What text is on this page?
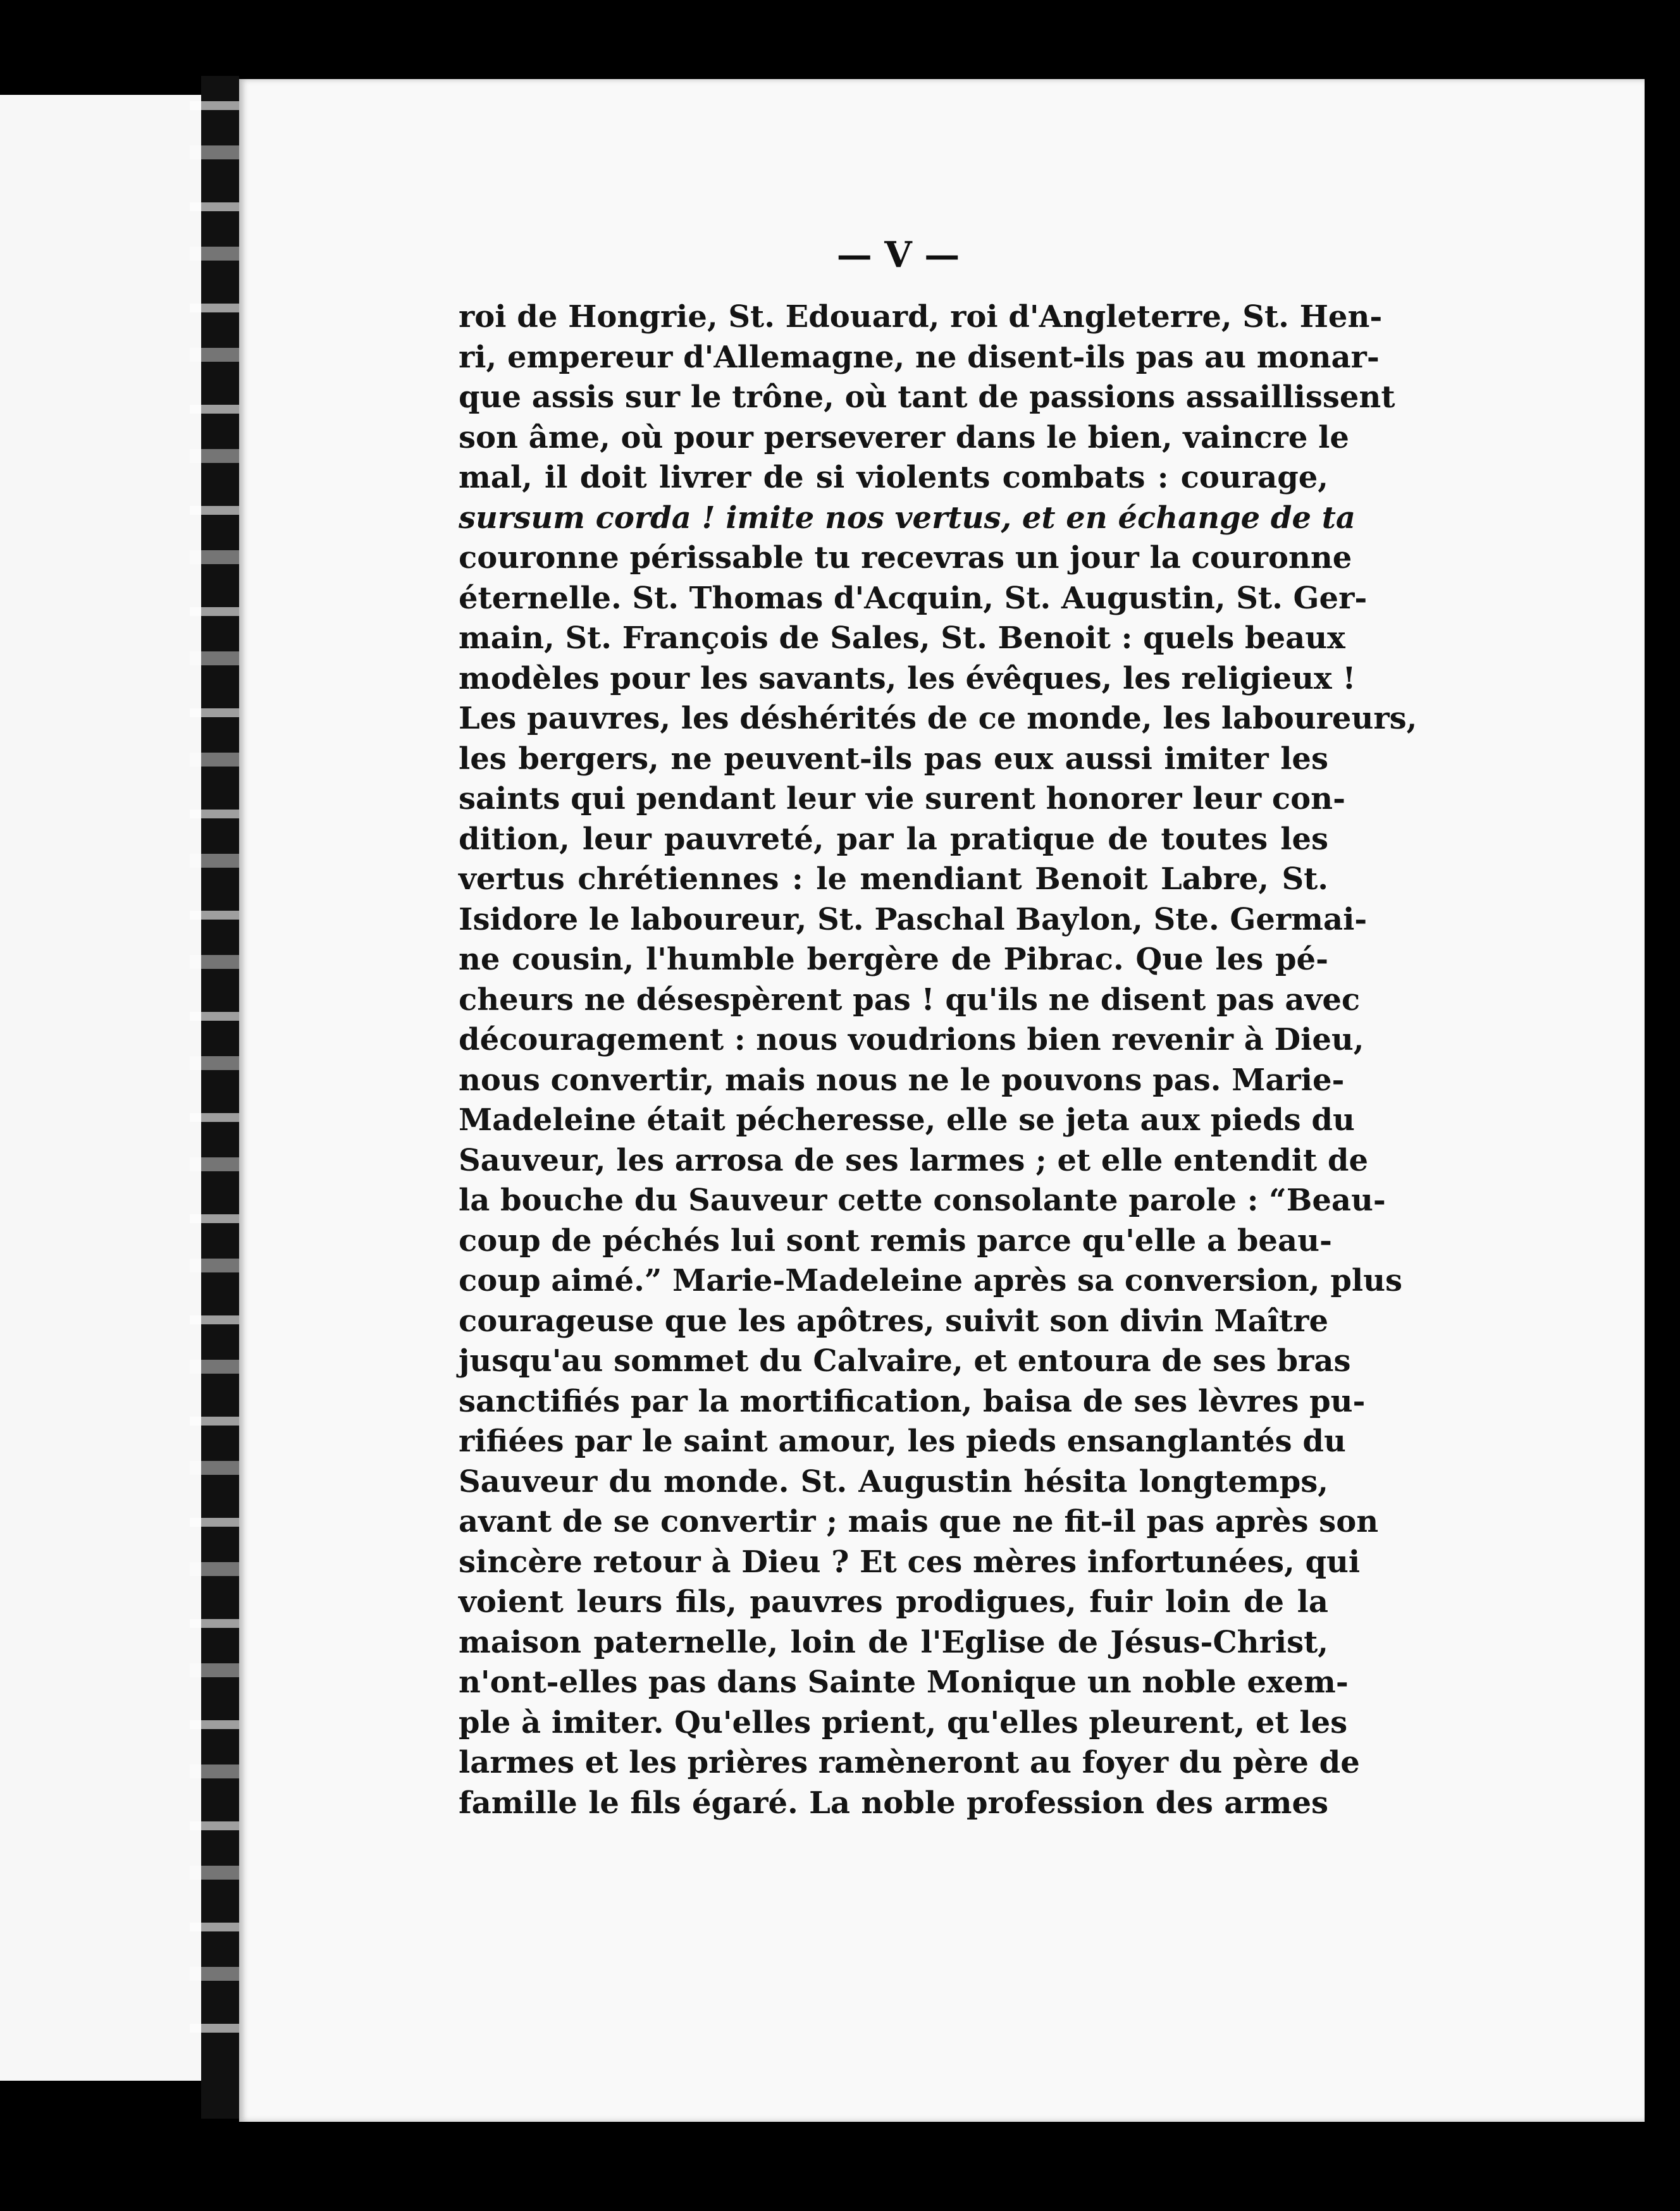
— V —
roi de Hongrie, St. Edouard, roi d'Angleterre, St. Hen-
ri, empereur d'Allemagne, ne disent-ils pas au monar-
que assis sur le trône, où tant de passions assaillissent
son âme, où pour perseverer dans le bien, vaincre le
mal, il doit livrer de si violents combats : courage,
sursum corda ! imite nos vertus, et en échange de ta
couronne périssable tu recevras un jour la couronne
éternelle. St. Thomas d'Acquin, St. Augustin, St. Ger-
main, St. François de Sales, St. Benoit : quels beaux
modèles pour les savants, les évêques, les religieux !
Les pauvres, les déshérités de ce monde, les laboureurs,
les bergers, ne peuvent-ils pas eux aussi imiter les
saints qui pendant leur vie surent honorer leur con-
dition, leur pauvreté, par la pratique de toutes les
vertus chrétiennes : le mendiant Benoit Labre, St.
Isidore le laboureur, St. Paschal Baylon, Ste. Germai-
ne cousin, l'humble bergère de Pibrac. Que les pé-
cheurs ne désespèrent pas ! qu'ils ne disent pas avec
découragement : nous voudrions bien revenir à Dieu,
nous convertir, mais nous ne le pouvons pas. Marie-
Madeleine était pécheresse, elle se jeta aux pieds du
Sauveur, les arrosa de ses larmes ; et elle entendit de
la bouche du Sauveur cette consolante parole : “Beau-
coup de péchés lui sont remis parce qu'elle a beau-
coup aimé.” Marie-Madeleine après sa conversion, plus
courageuse que les apôtres, suivit son divin Maître
jusqu'au sommet du Calvaire, et entoura de ses bras
sanctifiés par la mortification, baisa de ses lèvres pu-
rifiées par le saint amour, les pieds ensanglantés du
Sauveur du monde. St. Augustin hésita longtemps,
avant de se convertir ; mais que ne fit-il pas après son
sincère retour à Dieu ? Et ces mères infortunées, qui
voient leurs fils, pauvres prodigues, fuir loin de la
maison paternelle, loin de l'Eglise de Jésus-Christ,
n'ont-elles pas dans Sainte Monique un noble exem-
ple à imiter. Qu'elles prient, qu'elles pleurent, et les
larmes et les prières ramèneront au foyer du père de
famille le fils égaré. La noble profession des armes
